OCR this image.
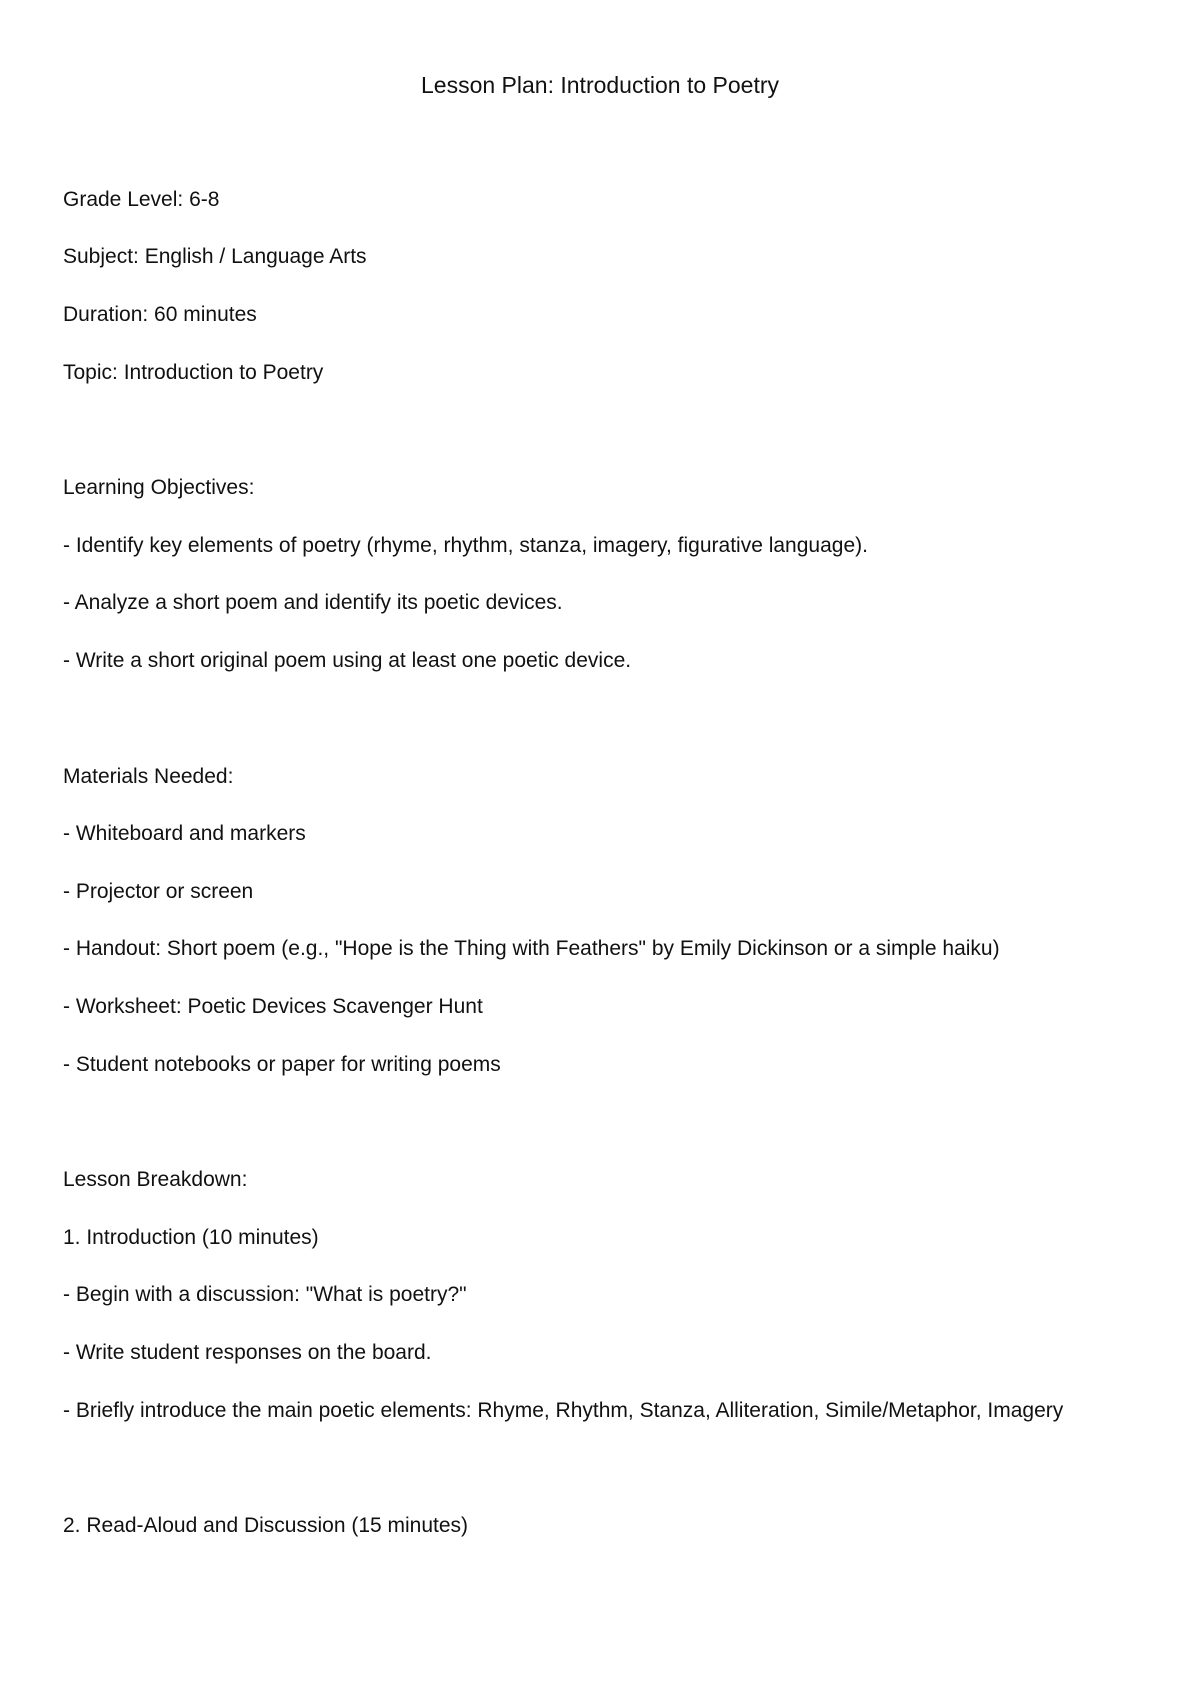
Lesson Plan: Introduction to Poetry
Grade Level: 6-8
Subject: English / Language Arts
Duration: 60 minutes
Topic: Introduction to Poetry
Learning Objectives:
- Identify key elements of poetry (rhyme, rhythm, stanza, imagery, figurative language).
- Analyze a short poem and identify its poetic devices.
- Write a short original poem using at least one poetic device.
Materials Needed:
- Whiteboard and markers
- Projector or screen
- Handout: Short poem (e.g., "Hope is the Thing with Feathers" by Emily Dickinson or a simple haiku)
- Worksheet: Poetic Devices Scavenger Hunt
- Student notebooks or paper for writing poems
Lesson Breakdown:
1. Introduction (10 minutes)
- Begin with a discussion: "What is poetry?"
- Write student responses on the board.
- Briefly introduce the main poetic elements: Rhyme, Rhythm, Stanza, Alliteration, Simile/Metaphor, Imagery
2. Read-Aloud and Discussion (15 minutes)
